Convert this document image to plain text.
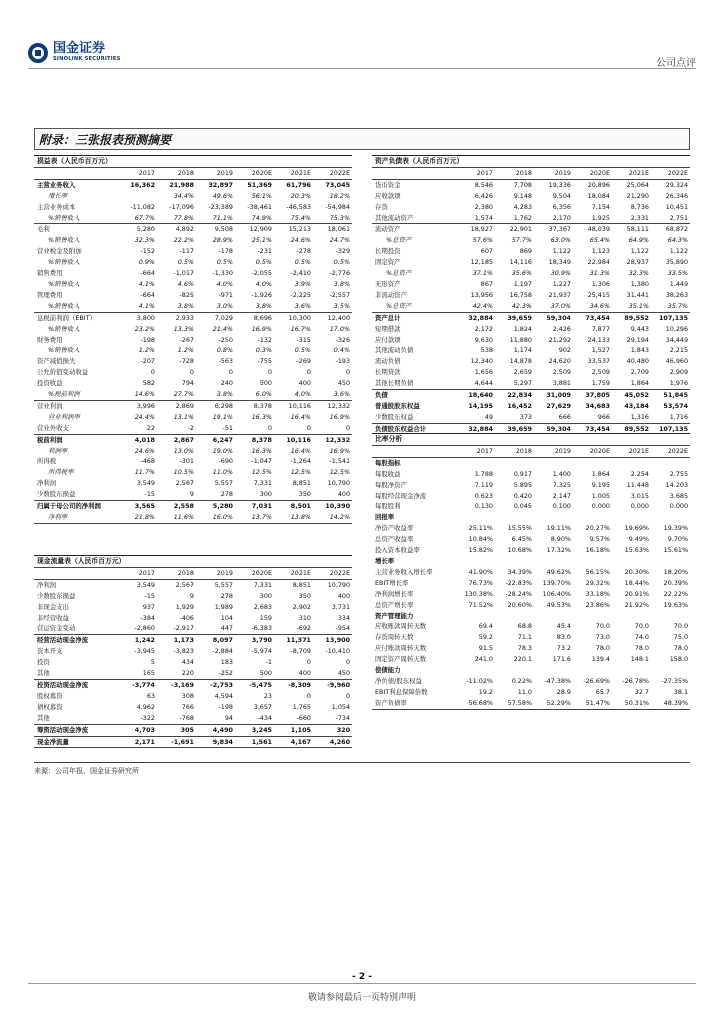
国金证券
SINOLINK SECURITIES	公司点评
附录：三张报表预测摘要
损益表（人民币百万元）						
	2017	2018	2019	2020E	2021E	2022E
主营业务收入	16,362	21,988	32,897	51,369	61,796	73,045
增长率		34.4%	49.6%	56.1%	20.3%	18.2%
主营业务成本	-11,082	-17,096	-23,389	-38,461	-46,583	-54,984
%销售收入	67.7%	77.8%	71.1%	74.9%	75.4%	75.3%
毛利	5,280	4,892	9,508	12,909	15,213	18,061
%销售收入	32.3%	22.2%	28.9%	25.1%	24.6%	24.7%
营业税金及附加	-152	-117	-178	-231	-278	-329
%销售收入	0.9%	0.5%	0.5%	0.5%	0.5%	0.5%
销售费用	-664	-1,017	-1,330	-2,055	-2,410	-2,776
%销售收入	4.1%	4.6%	4.0%	4.0%	3.9%	3.8%
管理费用	-664	-825	-971	-1,926	-2,225	-2,557
%销售收入	4.1%	3.8%	3.0%	3.8%	3.6%	3.5%
息税前利润（EBIT）	3,800	2,933	7,029	8,696	10,300	12,400
%销售收入	23.2%	13.3%	21.4%	16.9%	16.7%	17.0%
财务费用	-198	-267	-250	-132	-315	-326
%销售收入	1.2%	1.2%	0.8%	0.3%	0.5%	0.4%
资产减值损失	-207	-728	-563	-755	-269	-193
公允价值变动收益	0	0	0	0	0	0
投资收益	582	794	240	500	400	450
%税前利润	14.6%	27.7%	3.8%	6.0%	4.0%	3.6%
营业利润	3,996	2,869	6,298	8,378	10,116	12,332
营业利润率	24.4%	13.1%	19.1%	16.3%	16.4%	16.9%
营业外收支	22	-2	-51	0	0	0
税前利润	4,018	2,867	6,247	8,378	10,116	12,332
利润率	24.6%	13.0%	19.0%	16.3%	16.4%	16.9%
所得税	-468	-301	-690	-1,047	-1,264	-1,541
所得税率	11.7%	10.5%	11.0%	12.5%	12.5%	12.5%
净利润	3,549	2,567	5,557	7,331	8,851	10,790
少数股东损益	-15	9	278	300	350	400
归属于母公司的净利润	3,565	2,558	5,280	7,031	8,501	10,390
净利率	21.8%	11.6%	16.0%	13.7%	13.8%	14.2%
资产负债表（人民币百万元）						
	2017	2018	2019	2020E	2021E	2022E
货币资金	8,546	7,708	19,336	20,896	25,064	29,324
应收款项	6,426	9,148	9,504	18,084	21,290	26,346
存货	2,380	4,283	6,356	7,154	8,736	10,451
其他流动资产	1,574	1,762	2,170	1,925	2,331	2,751
流动资产	18,927	22,901	37,367	48,039	58,111	68,872
%总资产	57.6%	57.7%	63.0%	65.4%	64.9%	64.3%
长期投资	607	869	1,122	1,123	1,122	1,122
固定资产	12,185	14,116	18,349	22,984	28,937	35,890
%总资产	37.1%	35.6%	30.9%	31.3%	32.3%	33.5%
无形资产	867	1,197	1,227	1,306	1,380	1,449
非流动资产	13,956	16,758	21,937	25,415	31,441	38,263
%总资产	42.4%	42.3%	37.0%	34.6%	35.1%	35.7%
资产总计	32,884	39,659	59,304	73,454	89,552	107,135
短期借款	2,172	1,824	2,426	7,877	9,443	10,296
应付款项	9,630	11,880	21,292	24,133	29,194	34,449
其他流动负债	538	1,174	902	1,527	1,843	2,215
流动负债	12,340	14,878	24,620	33,537	40,480	46,960
长期贷款	1,656	2,659	2,509	2,509	2,709	2,909
其他长期负债	4,644	5,297	3,881	1,759	1,864	1,976
负债	18,640	22,834	31,009	37,805	45,052	51,845
普通股股东权益	14,195	16,452	27,629	34,683	43,184	53,574
少数股东权益	49	373	666	966	1,316	1,716
负债股东权益合计	32,884	39,659	59,304	73,454	89,552	107,135
现金流量表（人民币百万元）						
	2017	2018	2019	2020E	2021E	2022E
净利润	3,549	2,567	5,557	7,331	8,851	10,790
少数股东损益	-15	9	278	300	350	400
非现金支出	937	1,929	1,989	2,683	2,902	3,731
非经营收益	-384	-406	104	159	310	334
营运资金变动	-2,860	-2,917	447	-6,383	-692	-954
经营活动现金净流	1,242	1,173	8,097	3,790	11,371	13,900
资本开支	-3,945	-3,823	-2,884	-5,974	-8,709	-10,410
投资	5	434	183	-1	0	0
其他	165	220	-252	500	400	450
投资活动现金净流	-3,774	-3,169	-2,753	-5,475	-8,309	-9,960
股权募资	63	308	4,594	23	0	0
债权募资	4,962	766	-198	3,657	1,765	1,054
其他	-322	-768	94	-434	-660	-734
筹资活动现金净流	4,703	305	4,490	3,245	1,105	320
现金净流量	2,171	-1,691	9,834	1,561	4,167	4,260
比率分析						
	2017	2018	2019	2020E	2021E	2022E
每股指标						
每股收益	1.788	0.917	1.400	1.864	2.254	2.755
每股净资产	7.119	5.895	7.325	9.195	11.448	14.203
每股经营现金净流	0.623	0.420	2.147	1.005	3.015	3.685
每股股利	0.130	0.045	0.100	0.000	0.000	0.000
回报率						
净资产收益率	25.11%	15.55%	19.11%	20.27%	19.69%	19.39%
总资产收益率	10.84%	6.45%	8.90%	9.57%	9.49%	9.70%
投入资本收益率	15.82%	10.68%	17.32%	16.18%	15.63%	15.61%
增长率						
主营业务收入增长率	41.90%	34.39%	49.62%	56.15%	20.30%	18.20%
EBIT增长率	76.73%	-22.83%	139.70%	29.32%	18.44%	20.39%
净利润增长率	130.38%	-28.24%	106.40%	33.18%	20.91%	22.22%
总资产增长率	71.52%	20.60%	49.53%	23.86%	21.92%	19.63%
资产管理能力						
应收账款周转天数	69.4	68.8	45.4	70.0	70.0	70.0
存货周转天数	59.2	71.1	83.0	73.0	74.0	75.0
应付账款周转天数	91.5	78.3	73.2	78.0	78.0	78.0
固定资产周转天数	241.0	220.1	171.6	139.4	148.1	158.0
偿债能力						
净负债/股东权益	-11.02%	0.22%	-47.38%	-26.69%	-26.78%	-27.35%
EBIT利息保障倍数	19.2	11.0	28.9	65.7	32.7	38.1
资产负债率	56.68%	57.58%	52.29%	51.47%	50.31%	48.39%
来源：公司年报、国金证券研究所
- 2 -
敬请参阅最后一页特别声明
